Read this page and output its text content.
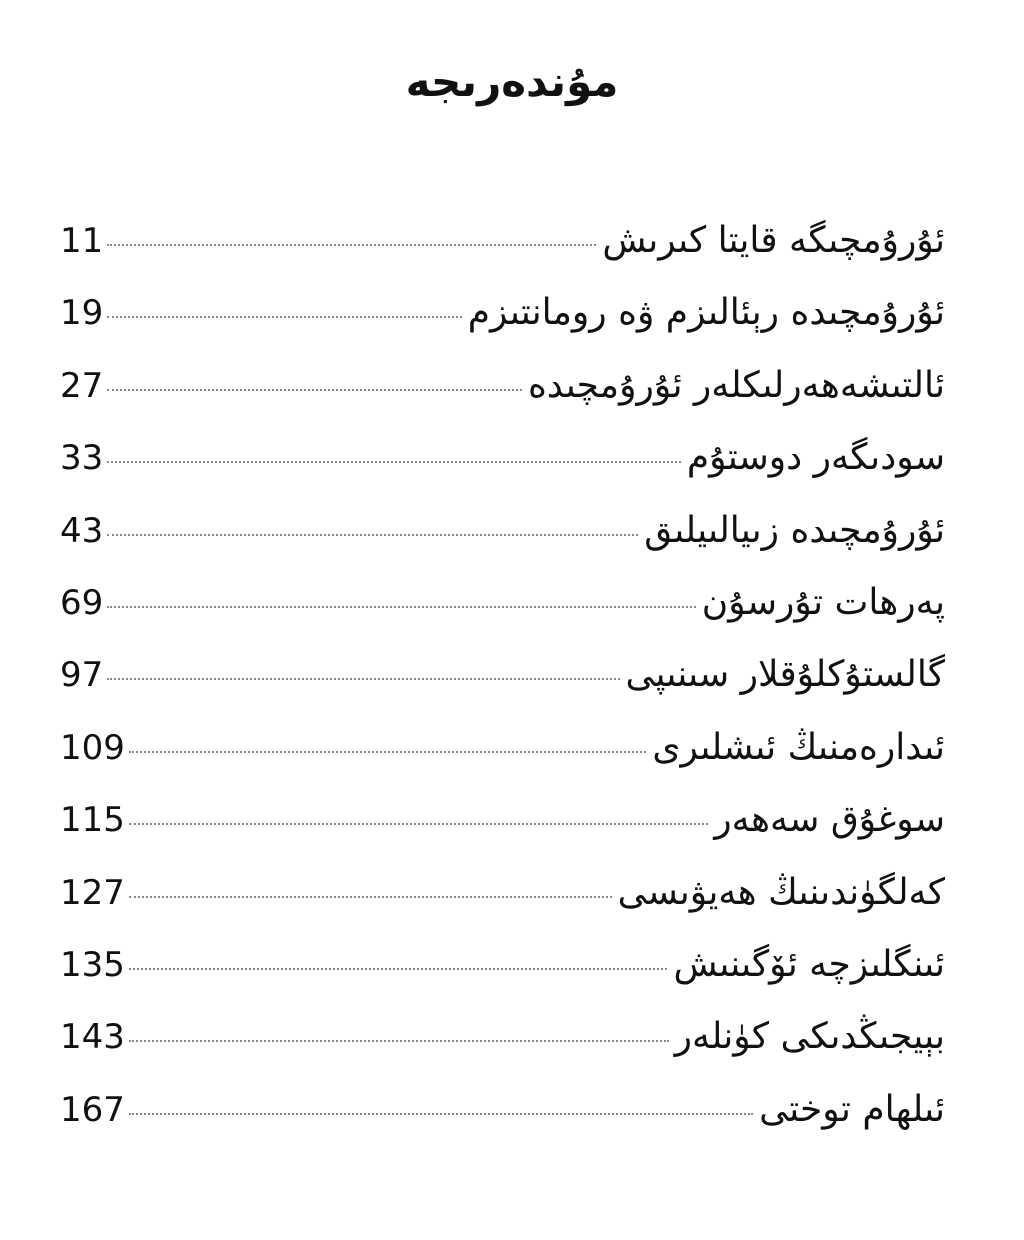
مۇندەرىجە
11	ئۇرۇمچىگە قايتا كىرىش
19	ئۇرۇمچىدە رېئالىزم ۋە رومانتىزم
27	ئالتىشەھەرلىكلەر ئۇرۇمچىدە
33	سودىگەر دوستۇم
43	ئۇرۇمچىدە زىيالىيلىق
69	پەرھات تۇرسۇن
97	گالستۇكلۇقلار سىنىپى
109	ئىدارەمنىڭ ئىشلىرى
115	سوغۇق سەھەر
127	كەلگۈندىنىڭ ھەيۋىسى
135	ئىنگلىزچە ئۆگىنىش
143	بېيجىڭدىكى كۈنلەر
167	ئىلھام توختى
